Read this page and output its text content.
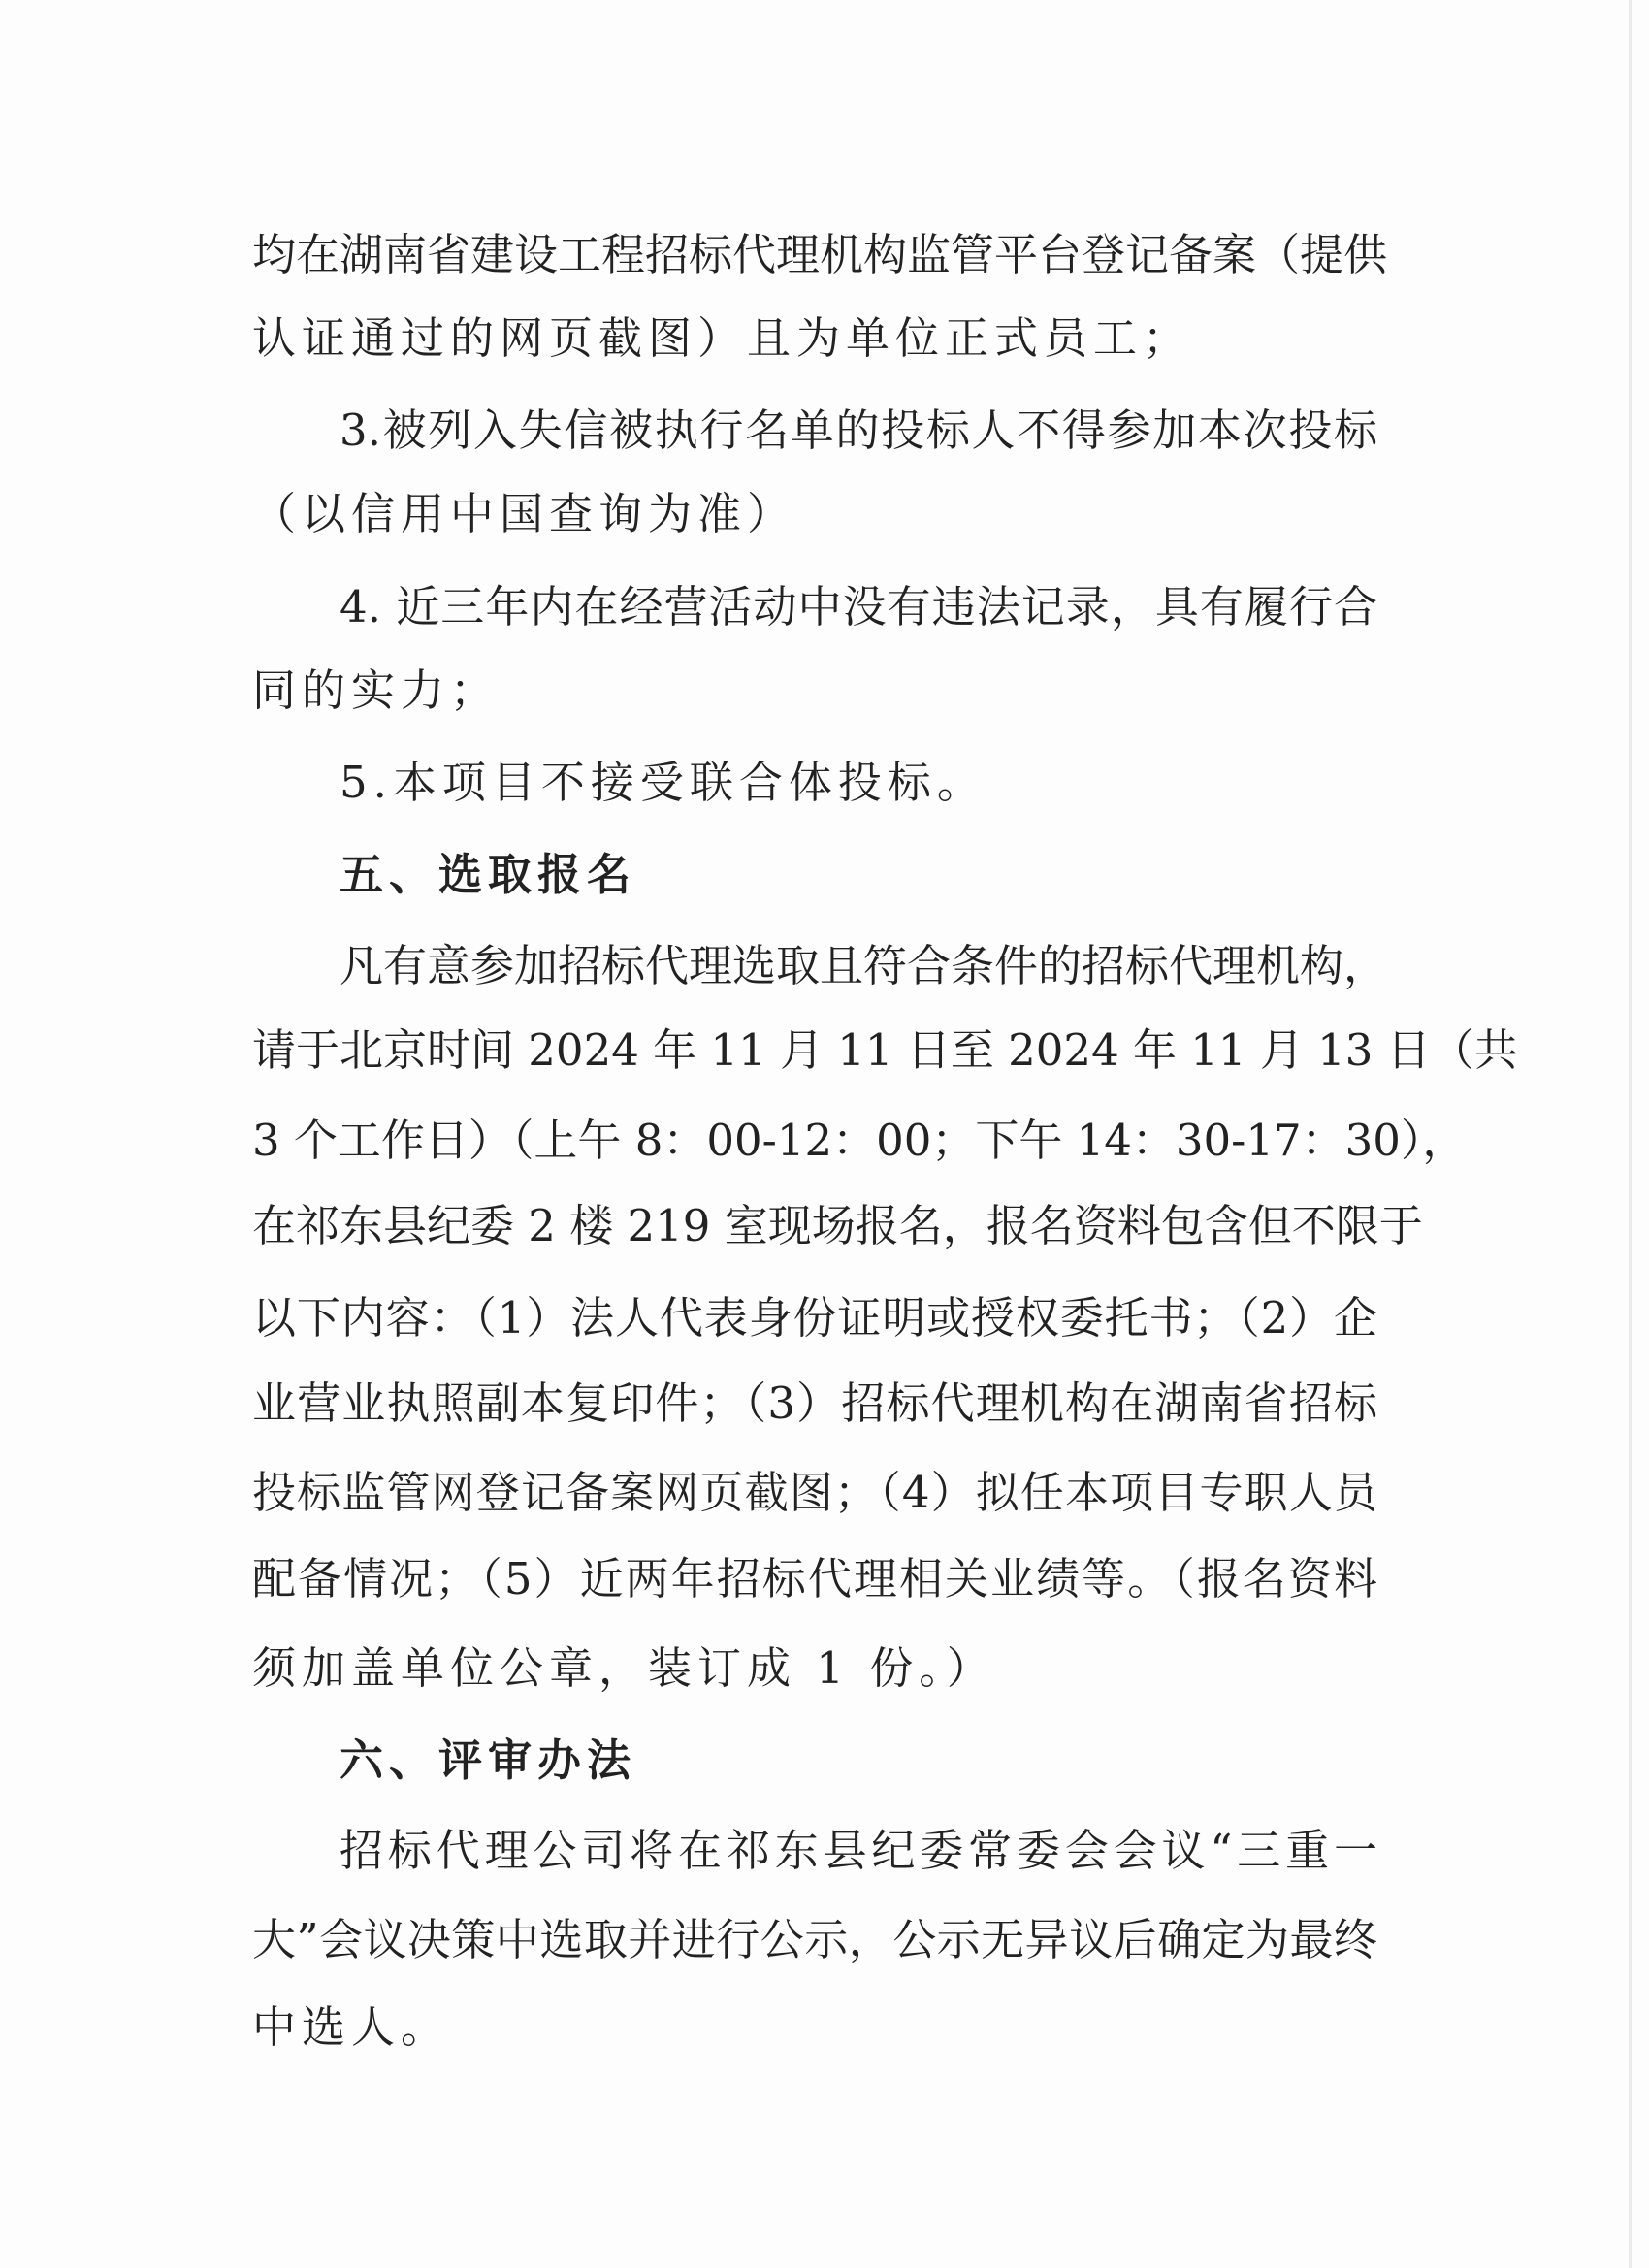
均在湖南省建设工程招标代理机构监管平台登记备案（提供
认证通过的网页截图）且为单位正式员工；
3.被列入失信被执行名单的投标人不得参加本次投标
（以信用中国查询为准）
4. 近三年内在经营活动中没有违法记录，具有履行合
同的实力；
5.本项目不接受联合体投标。
五、选取报名
凡有意参加招标代理选取且符合条件的招标代理机构，
请于北京时间 2024 年 11 月 11 日至 2024 年 11 月 13 日（共
3 个工作日）（上午 8：00-12：00；下午 14：30-17：30），
在祁东县纪委 2 楼 219 室现场报名，报名资料包含但不限于
以下内容：（1）法人代表身份证明或授权委托书；（2）企
业营业执照副本复印件；（3）招标代理机构在湖南省招标
投标监管网登记备案网页截图；（4）拟任本项目专职人员
配备情况；（5）近两年招标代理相关业绩等。（报名资料
须加盖单位公章，装订成 1 份。）
六、评审办法
招标代理公司将在祁东县纪委常委会会议“三重一
大”会议决策中选取并进行公示，公示无异议后确定为最终
中选人。
